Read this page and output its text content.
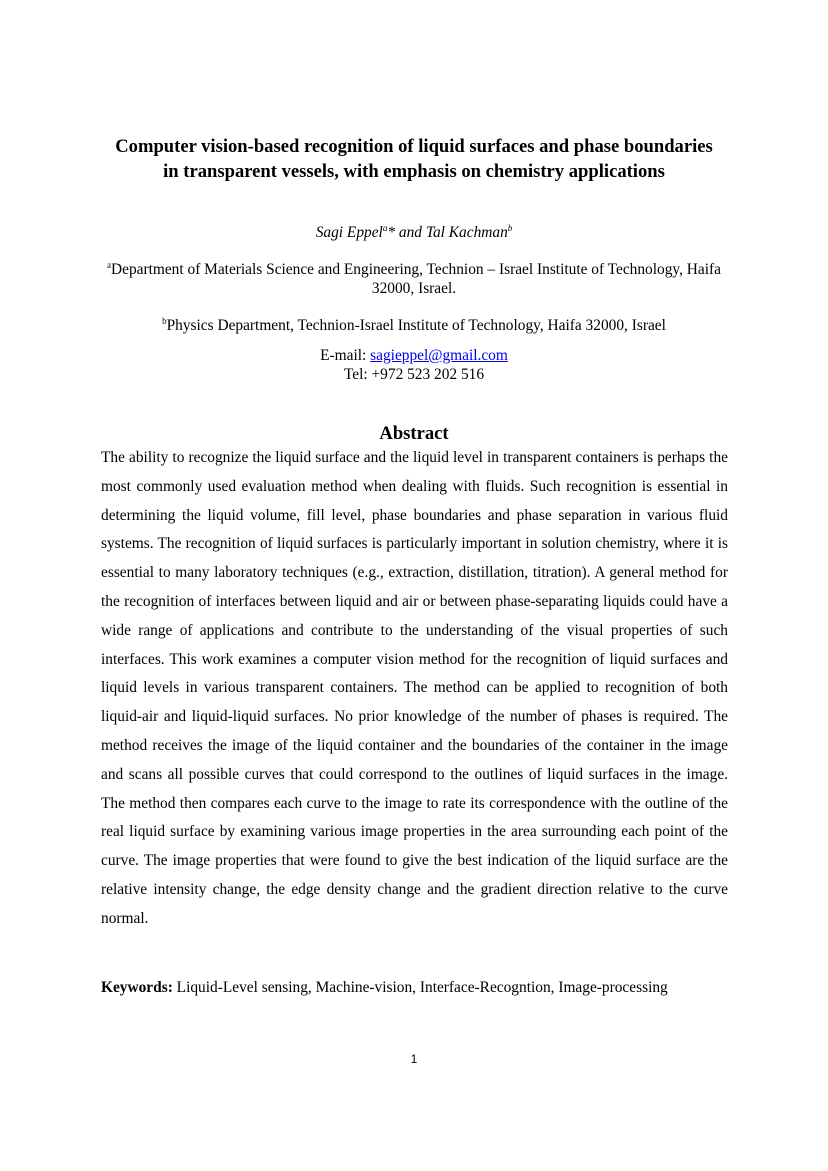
Computer vision-based recognition of liquid surfaces and phase boundaries
in transparent vessels, with emphasis on chemistry applications
Sagi Eppel$^a$* and Tal Kachman$^b$
$^a$Department of Materials Science and Engineering, Technion – Israel Institute of Technology, Haifa 32000, Israel.
$^b$Physics Department, Technion-Israel Institute of Technology, Haifa 32000, Israel
E-mail: sagieppel@gmail.com
Tel: +972 523 202 516
Abstract

The ability to recognize the liquid surface and the liquid level in transparent containers is perhaps the most commonly used evaluation method when dealing with fluids. Such recognition is essential in determining the liquid volume, fill level, phase boundaries and phase separation in various fluid systems. The recognition of liquid surfaces is particularly important in solution chemistry, where it is essential to many laboratory techniques (e.g., extraction, distillation, titration). A general method for the recognition of interfaces between liquid and air or between phase-separating liquids could have a wide range of applications and contribute to the understanding of the visual properties of such interfaces. This work examines a computer vision method for the recognition of liquid surfaces and liquid levels in various transparent containers. The method can be applied to recognition of both liquid-air and liquid-liquid surfaces. No prior knowledge of the number of phases is required. The method receives the image of the liquid container and the boundaries of the container in the image and scans all possible curves that could correspond to the outlines of liquid surfaces in the image. The method then compares each curve to the image to rate its correspondence with the outline of the real liquid surface by examining various image properties in the area surrounding each point of the curve. The image properties that were found to give the best indication of the liquid surface are the relative intensity change, the edge density change and the gradient direction relative to the curve normal.

Keywords: Liquid-Level sensing, Machine-vision, Interface-Recogntion, Image-processing

1
